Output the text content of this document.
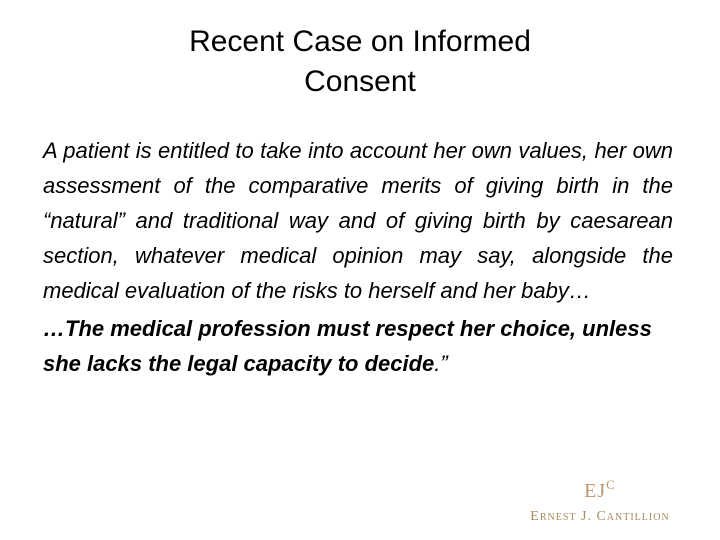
Recent Case on Informed
Consent

A patient is entitled to take into account her own values, her own assessment of the comparative merits of giving birth in the “natural” and traditional way and of giving birth by caesarean section, whatever medical opinion may say, alongside the medical evaluation of the risks to herself and her baby…

…The medical profession must respect her choice, unless she lacks the legal capacity to decide.”

$EJ^C$
Ernest J. Cantillion
